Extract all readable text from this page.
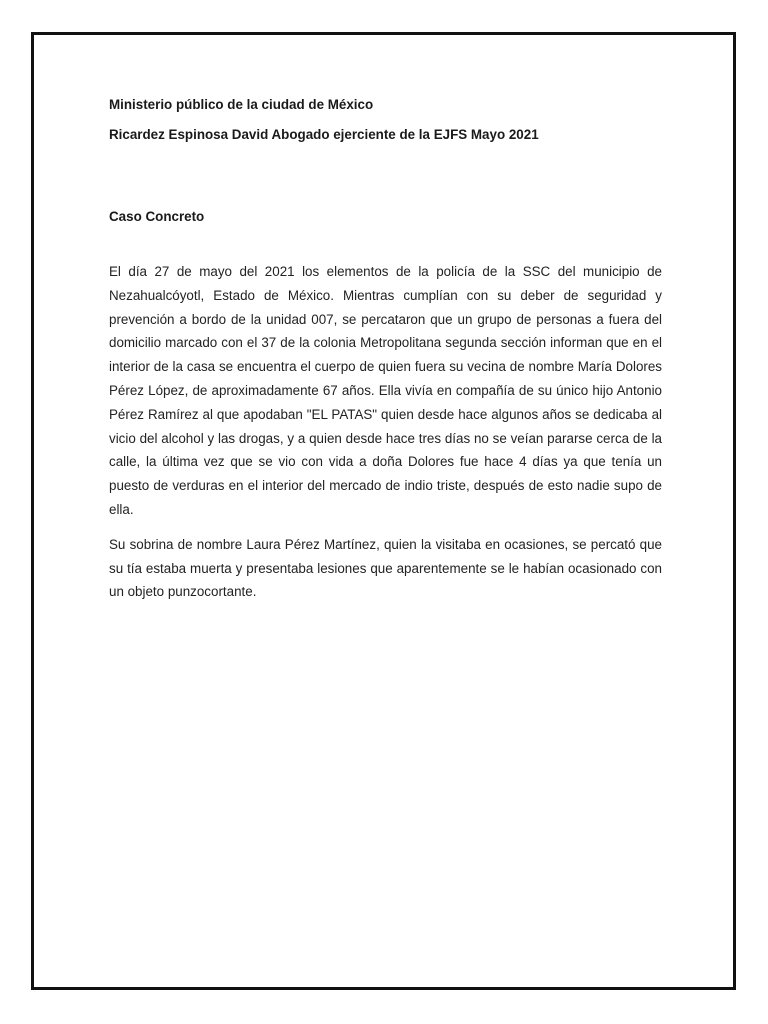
Ministerio público de la ciudad de México

Ricardez Espinosa David Abogado ejerciente de la EJFS Mayo 2021

Caso Concreto

El día 27 de mayo del 2021 los elementos de la policía de la SSC del municipio de Nezahualcóyotl, Estado de México. Mientras cumplían con su deber de seguridad y prevención a bordo de la unidad 007, se percataron que un grupo de personas a fuera del domicilio marcado con el 37 de la colonia Metropolitana segunda sección informan que en el interior de la casa se encuentra el cuerpo de quien fuera su vecina de nombre María Dolores Pérez López, de aproximadamente 67 años. Ella vivía en compañía de su único hijo Antonio Pérez Ramírez al que apodaban "EL PATAS" quien desde hace algunos años se dedicaba al vicio del alcohol y las drogas, y a quien desde hace tres días no se veían pararse cerca de la calle, la última vez que se vio con vida a doña Dolores fue hace 4 días ya que tenía un puesto de verduras en el interior del mercado de indio triste, después de esto nadie supo de ella.

Su sobrina de nombre Laura Pérez Martínez, quien la visitaba en ocasiones, se percató que su tía estaba muerta y presentaba lesiones que aparentemente se le habían ocasionado con un objeto punzocortante.
